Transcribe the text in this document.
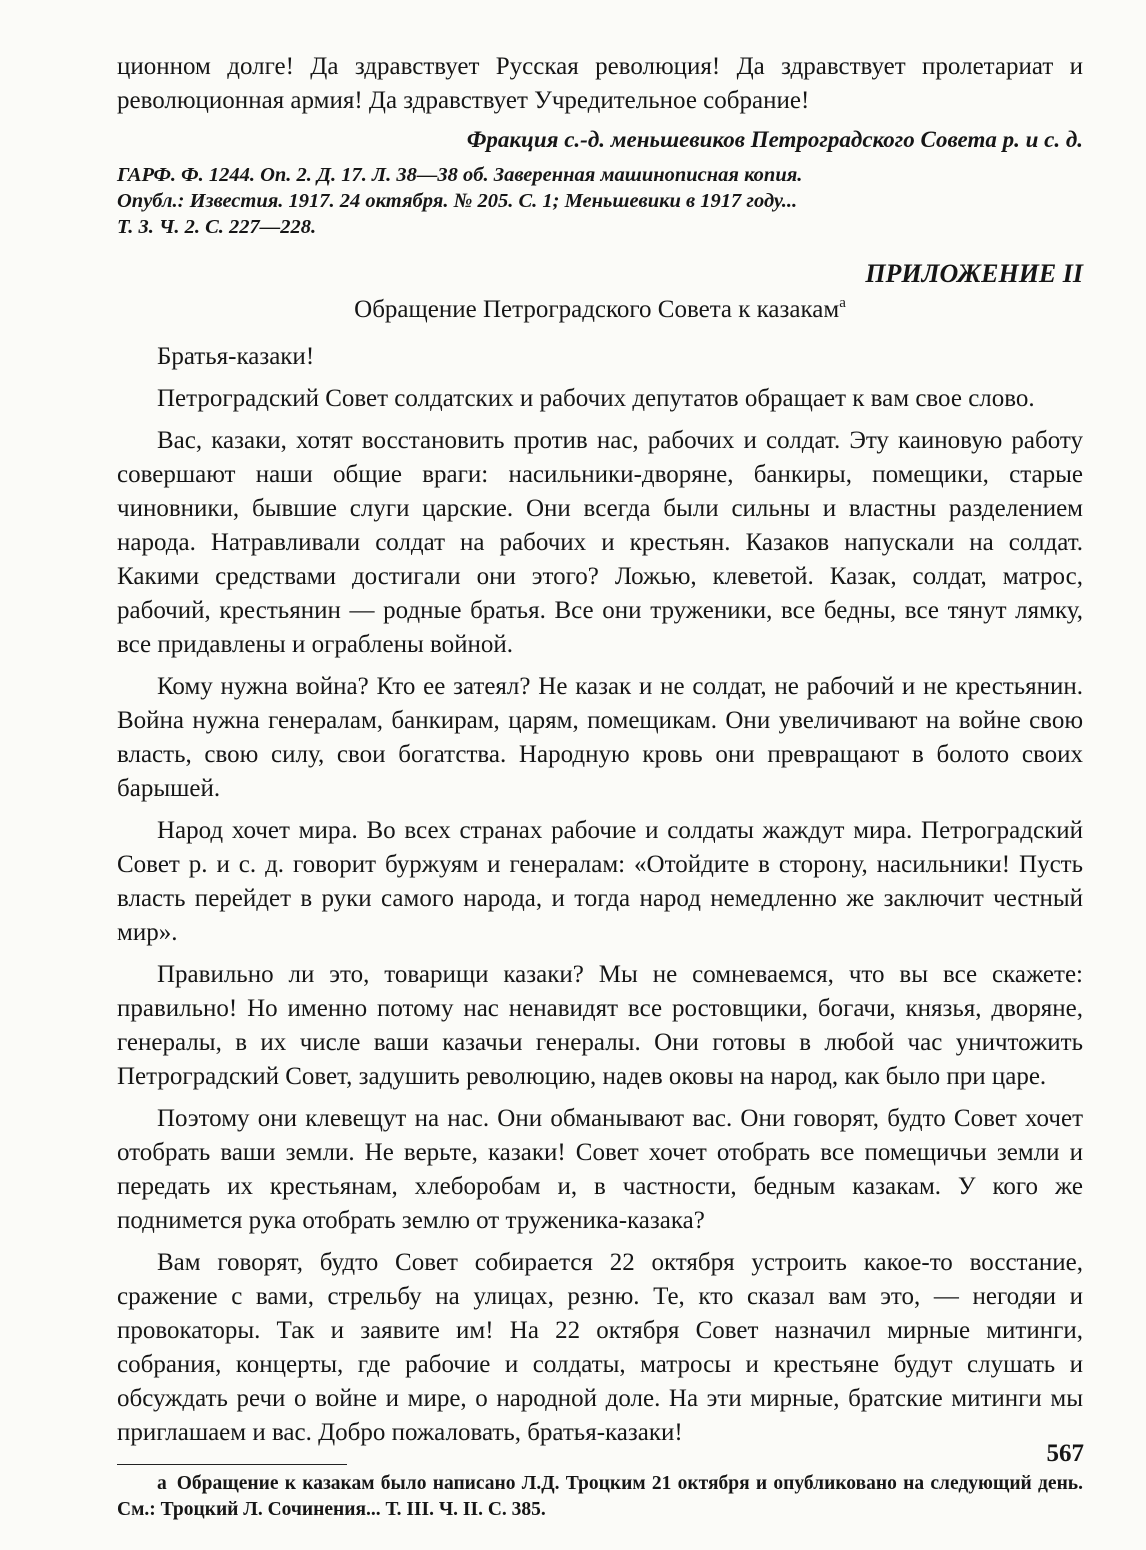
ционном долге! Да здравствует Русская революция! Да здравствует пролетариат и революционная армия! Да здравствует Учредительное собрание!

Фракция с.-д. меньшевиков Петроградского Совета р. и с. д.

ГАРФ. Ф. 1244. Оп. 2. Д. 17. Л. 38—38 об. Заверенная машинописная копия.
Опубл.: Известия. 1917. 24 октября. № 205. С. 1; Меньшевики в 1917 году...
Т. 3. Ч. 2. С. 227—228.
ПРИЛОЖЕНИЕ II
Обращение Петроградского Совета к казакам$^а$

Братья-казаки!

Петроградский Совет солдатских и рабочих депутатов обращает к вам свое слово.

Вас, казаки, хотят восстановить против нас, рабочих и солдат. Эту каиновую работу совершают наши общие враги: насильники-дворяне, банкиры, помещики, старые чиновники, бывшие слуги царские. Они всегда были сильны и властны разделением народа. Натравливали солдат на рабочих и крестьян. Казаков напускали на солдат. Какими средствами достигали они этого? Ложью, клеветой. Казак, солдат, матрос, рабочий, крестьянин — родные братья. Все они труженики, все бедны, все тянут лямку, все придавлены и ограблены войной.

Кому нужна война? Кто ее затеял? Не казак и не солдат, не рабочий и не крестьянин. Война нужна генералам, банкирам, царям, помещикам. Они увеличивают на войне свою власть, свою силу, свои богатства. Народную кровь они превращают в болото своих барышей.

Народ хочет мира. Во всех странах рабочие и солдаты жаждут мира. Петроградский Совет р. и с. д. говорит буржуям и генералам: «Отойдите в сторону, насильники! Пусть власть перейдет в руки самого народа, и тогда народ немедленно же заключит честный мир».

Правильно ли это, товарищи казаки? Мы не сомневаемся, что вы все скажете: правильно! Но именно потому нас ненавидят все ростовщики, богачи, князья, дворяне, генералы, в их числе ваши казачьи генералы. Они готовы в любой час уничтожить Петроградский Совет, задушить революцию, надев оковы на народ, как было при царе.

Поэтому они клевещут на нас. Они обманывают вас. Они говорят, будто Совет хочет отобрать ваши земли. Не верьте, казаки! Совет хочет отобрать все помещичьи земли и передать их крестьянам, хлеборобам и, в частности, бедным казакам. У кого же поднимется рука отобрать землю от труженика-казака?

Вам говорят, будто Совет собирается 22 октября устроить какое-то восстание, сражение с вами, стрельбу на улицах, резню. Те, кто сказал вам это, — негодяи и провокаторы. Так и заявите им! На 22 октября Совет назначил мирные митинги, собрания, концерты, где рабочие и солдаты, матросы и крестьяне будут слушать и обсуждать речи о войне и мире, о народной доле. На эти мирные, братские митинги мы приглашаем и вас. Добро пожаловать, братья-казаки!

а Обращение к казакам было написано Л.Д. Троцким 21 октября и опубликовано на следующий день. См.: Троцкий Л. Сочинения... Т. III. Ч. II. С. 385.
567
